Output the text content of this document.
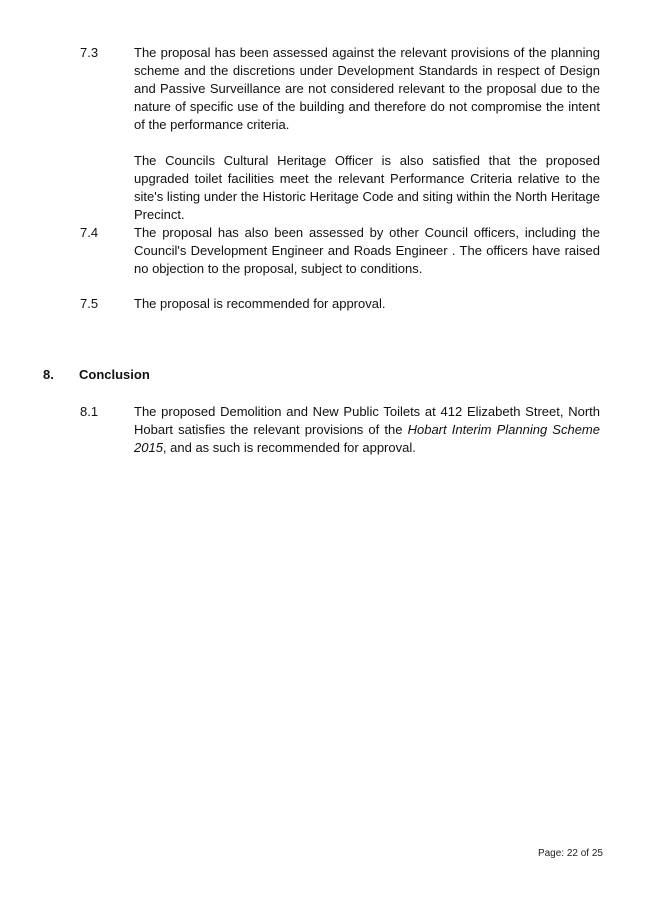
7.3	The proposal has been assessed against the relevant provisions of the planning scheme and the discretions under Development Standards in respect of Design and Passive Surveillance are not considered relevant to the proposal due to the nature of specific use of the building and therefore do not compromise the intent of the performance criteria.

The Councils Cultural Heritage Officer is also satisfied that the proposed upgraded toilet facilities meet the relevant Performance Criteria relative to the site's listing under the Historic Heritage Code and siting within the North Heritage Precinct.

7.4	The proposal has also been assessed by other Council officers, including the Council's Development Engineer and Roads Engineer . The officers have raised no objection to the proposal, subject to conditions.

7.5	The proposal is recommended for approval.

8. Conclusion
8.1	The proposed Demolition and New Public Toilets at 412 Elizabeth Street, North Hobart satisfies the relevant provisions of the Hobart Interim Planning Scheme 2015, and as such is recommended for approval.

Page: 22 of 25
